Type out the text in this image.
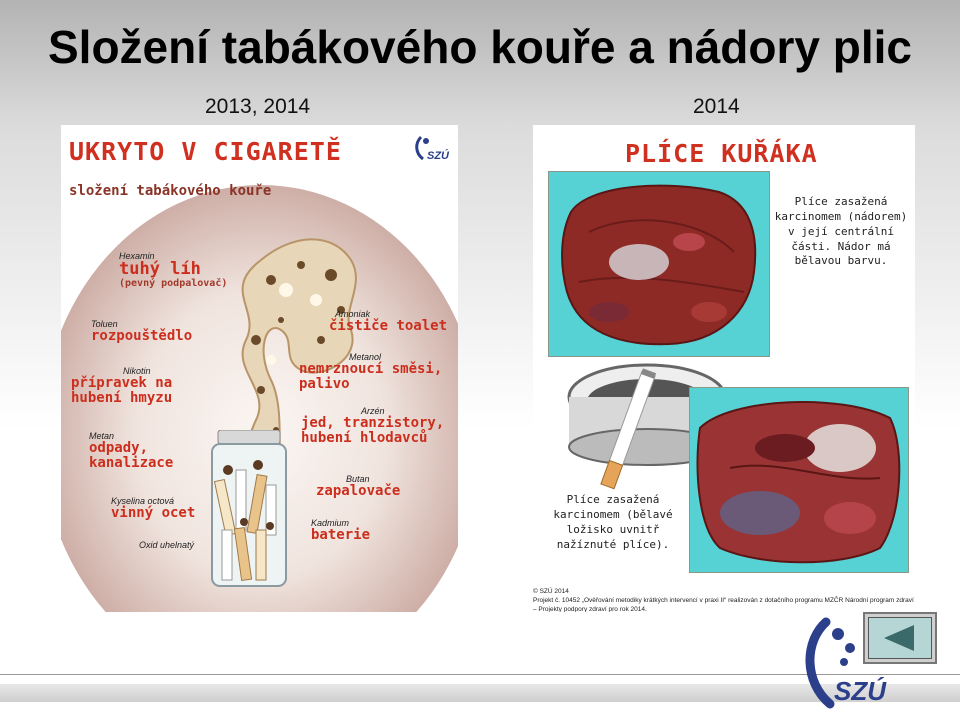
Složení tabákového kouře a nádory plic
2013, 2014	2014
UKRYTO V CIGARETĚ
složení tabákového kouře
SZÚ
Hexamin
tuhý líh
(pevný podpalovač)
Toluen
rozpouštědlo
Nikotin
přípravek na hubení hmyzu
Metan
odpady, kanalizace
Kyselina octová
vinný ocet
Oxid uhelnatý
Amoniak
čističe toalet
Metanol
nemrznoucí směsi, palivo
Arzén
jed, tranzistory, hubení hlodavců
Butan
zapalovače
Kadmium
baterie
PLÍCE KUŘÁKA
Plíce zasažená karcinomem (nádorem) v její centrální části. Nádor má bělavou barvu.
Plíce zasažená karcinomem (bělavé ložisko uvnitř nažíznuté plíce).
© SZÚ 2014
Projekt č. 10452 „Ověřování metodiky krátkých intervencí v praxi II“ realizován z dotačního programu MZČR Národní program zdraví
– Projekty podpory zdraví pro rok 2014.
SZÚ
